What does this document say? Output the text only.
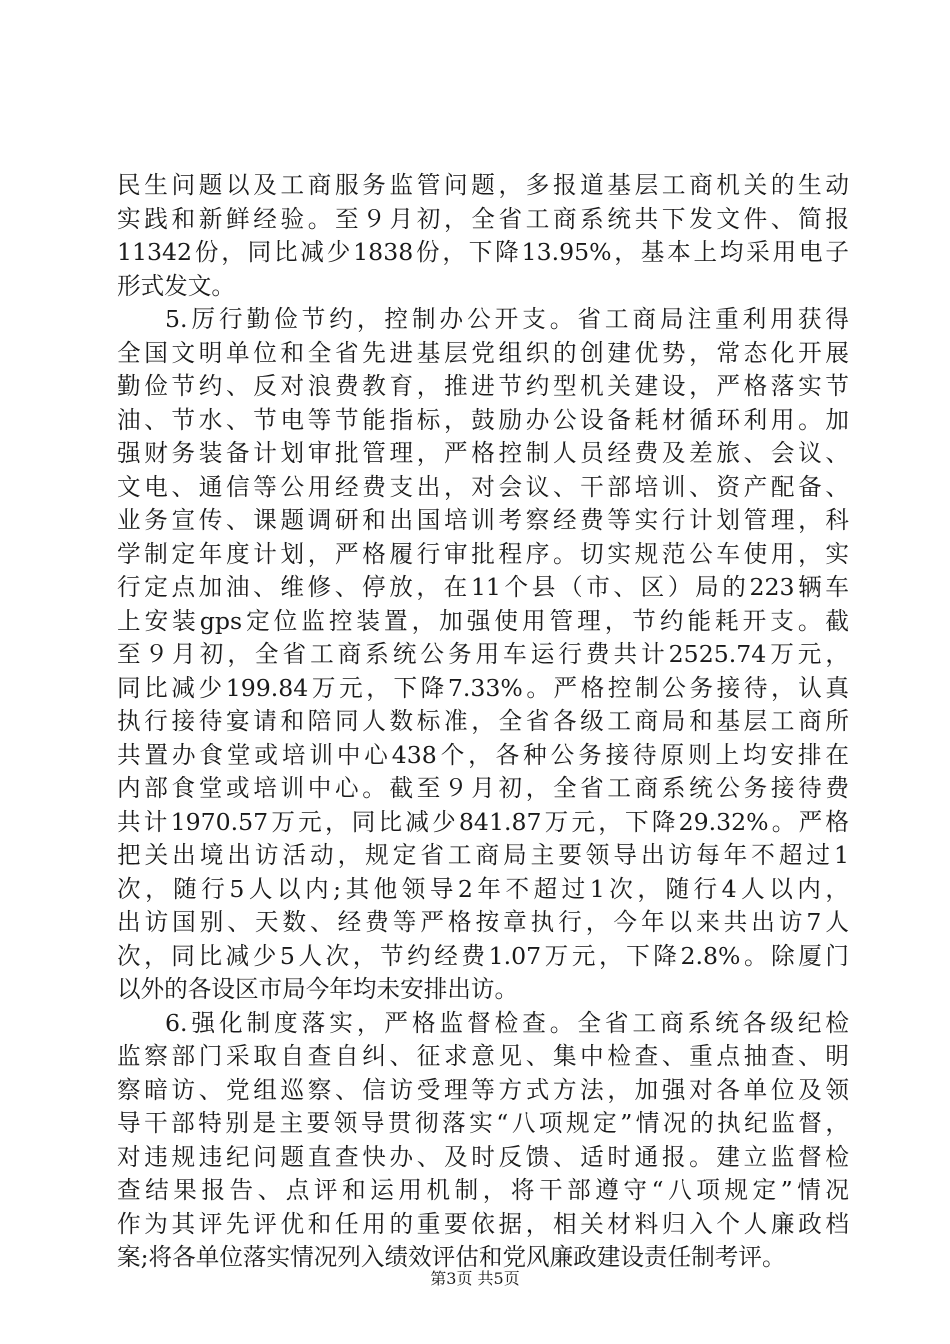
民生问题以及工商服务监管问题，多报道基层工商机关的生动
实践和新鲜经验。至９月初，全省工商系统共下发文件、简报
11342份，同比减少1838份，下降13.95%，基本上均采用电子
形式发文。
5.厉行勤俭节约，控制办公开支。省工商局注重利用获得
全国文明单位和全省先进基层党组织的创建优势，常态化开展
勤俭节约、反对浪费教育，推进节约型机关建设，严格落实节
油、节水、节电等节能指标，鼓励办公设备耗材循环利用。加
强财务装备计划审批管理，严格控制人员经费及差旅、会议、
文电、通信等公用经费支出，对会议、干部培训、资产配备、
业务宣传、课题调研和出国培训考察经费等实行计划管理，科
学制定年度计划，严格履行审批程序。切实规范公车使用，实
行定点加油、维修、停放，在11个县（市、区）局的223辆车
上安装gps定位监控装置，加强使用管理，节约能耗开支。截
至９月初，全省工商系统公务用车运行费共计2525.74万元，
同比减少199.84万元，下降7.33%。严格控制公务接待，认真
执行接待宴请和陪同人数标准，全省各级工商局和基层工商所
共置办食堂或培训中心438个，各种公务接待原则上均安排在
内部食堂或培训中心。截至９月初，全省工商系统公务接待费
共计1970.57万元，同比减少841.87万元，下降29.32%。严格
把关出境出访活动，规定省工商局主要领导出访每年不超过1
次，随行5人以内;其他领导2年不超过1次，随行4人以内，
出访国别、天数、经费等严格按章执行，今年以来共出访7人
次，同比减少5人次，节约经费1.07万元，下降2.8%。除厦门
以外的各设区市局今年均未安排出访。
6.强化制度落实，严格监督检查。全省工商系统各级纪检
监察部门采取自查自纠、征求意见、集中检查、重点抽查、明
察暗访、党组巡察、信访受理等方式方法，加强对各单位及领
导干部特别是主要领导贯彻落实“八项规定”情况的执纪监督，
对违规违纪问题直查快办、及时反馈、适时通报。建立监督检
查结果报告、点评和运用机制，将干部遵守“八项规定”情况
作为其评先评优和任用的重要依据，相关材料归入个人廉政档
案;将各单位落实情况列入绩效评估和党风廉政建设责任制考评。
第3页 共5页
